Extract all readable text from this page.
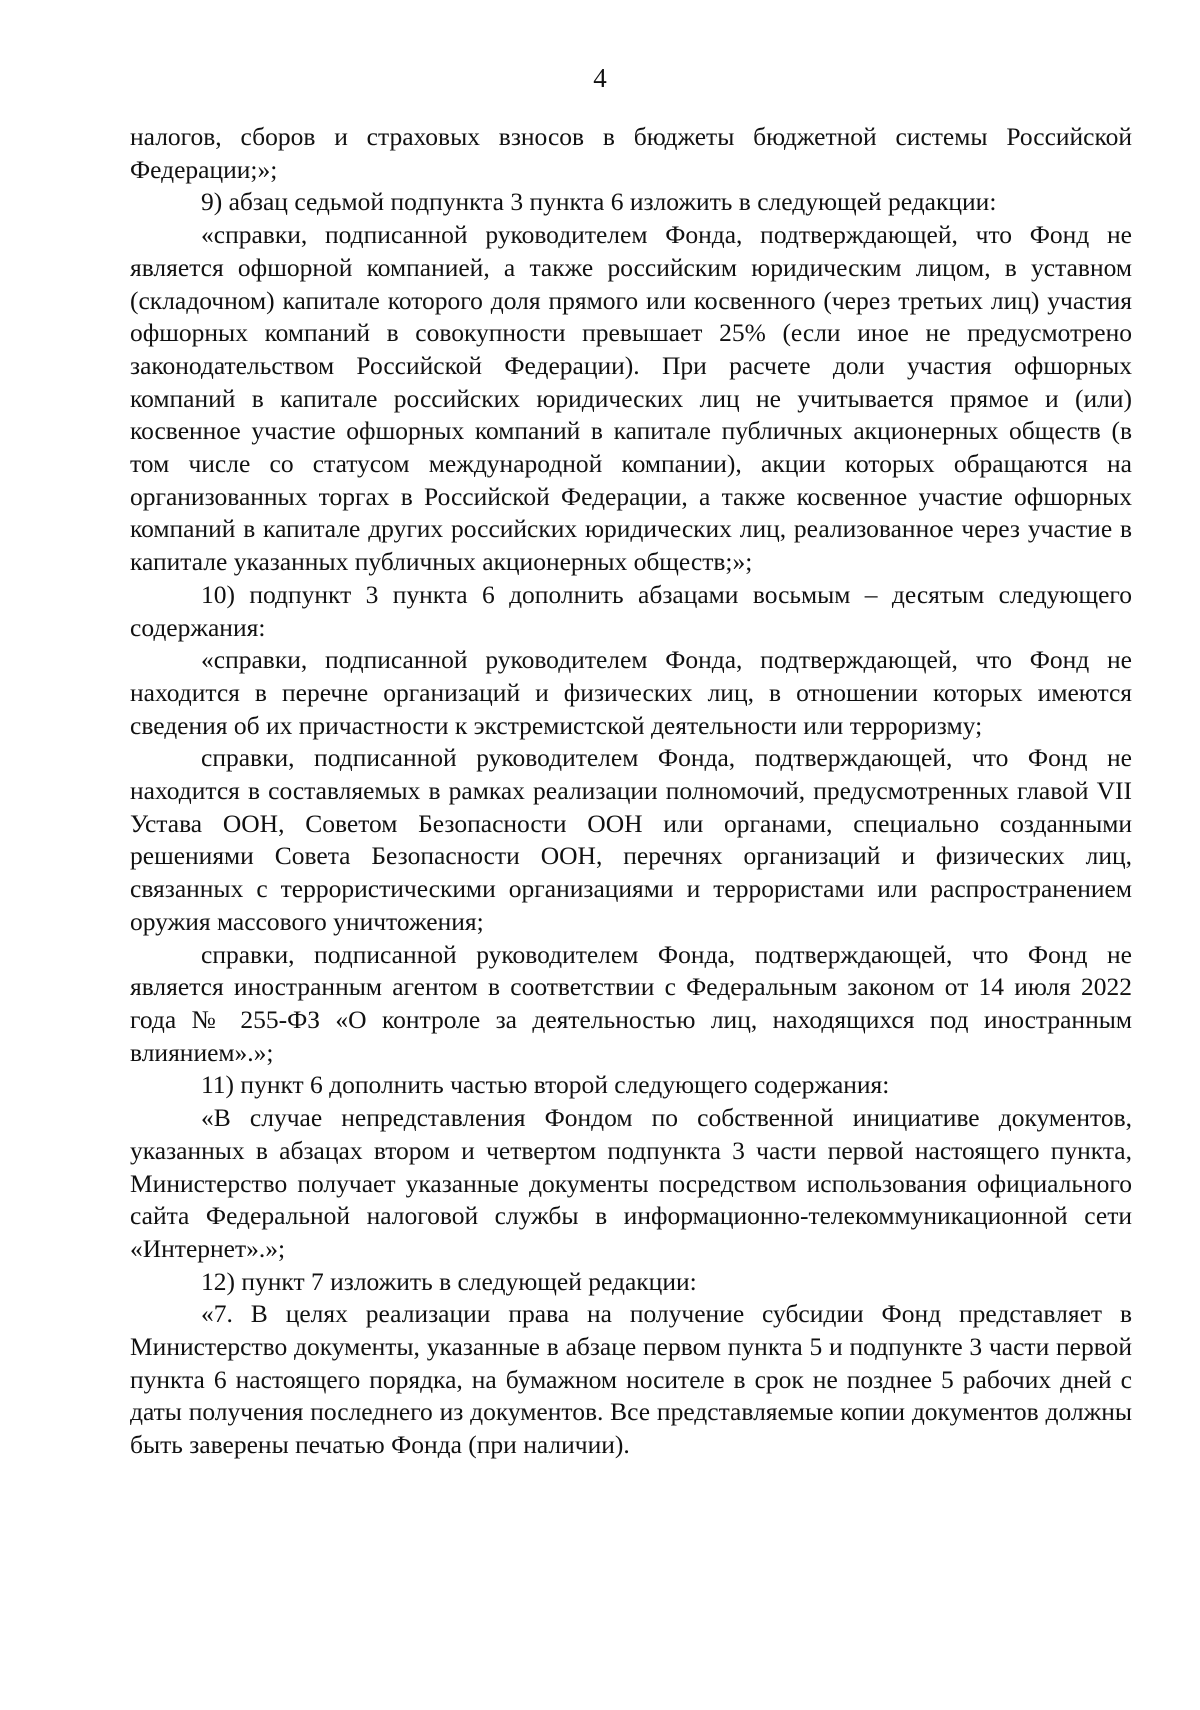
4

налогов, сборов и страховых взносов в бюджеты бюджетной системы Российской Федерации;»;

9) абзац седьмой подпункта 3 пункта 6 изложить в следующей редакции:

«справки, подписанной руководителем Фонда, подтверждающей, что Фонд не является офшорной компанией, а также российским юридическим лицом, в уставном (складочном) капитале которого доля прямого или косвенного (через третьих лиц) участия офшорных компаний в совокупности превышает 25% (если иное не предусмотрено законодательством Российской Федерации). При расчете доли участия офшорных компаний в капитале российских юридических лиц не учитывается прямое и (или) косвенное участие офшорных компаний в капитале публичных акционерных обществ (в том числе со статусом международной компании), акции которых обращаются на организованных торгах в Российской Федерации, а также косвенное участие офшорных компаний в капитале других российских юридических лиц, реализованное через участие в капитале указанных публичных акционерных обществ;»;

10) подпункт 3 пункта 6 дополнить абзацами восьмым – десятым следующего содержания:

«справки, подписанной руководителем Фонда, подтверждающей, что Фонд не находится в перечне организаций и физических лиц, в отношении которых имеются сведения об их причастности к экстремистской деятельности или терроризму;

справки, подписанной руководителем Фонда, подтверждающей, что Фонд не находится в составляемых в рамках реализации полномочий, предусмотренных главой VII Устава ООН, Советом Безопасности ООН или органами, специально созданными решениями Совета Безопасности ООН, перечнях организаций и физических лиц, связанных с террористическими организациями и террористами или распространением оружия массового уничтожения;

справки, подписанной руководителем Фонда, подтверждающей, что Фонд не является иностранным агентом в соответствии с Федеральным законом от 14 июля 2022 года № 255-ФЗ «О контроле за деятельностью лиц, находящихся под иностранным влиянием».»;

11) пункт 6 дополнить частью второй следующего содержания:

«В случае непредставления Фондом по собственной инициативе документов, указанных в абзацах втором и четвертом подпункта 3 части первой настоящего пункта, Министерство получает указанные документы посредством использования официального сайта Федеральной налоговой службы в информационно-телекоммуникационной сети «Интернет».»;

12) пункт 7 изложить в следующей редакции:

«7. В целях реализации права на получение субсидии Фонд представляет в Министерство документы, указанные в абзаце первом пункта 5 и подпункте 3 части первой пункта 6 настоящего порядка, на бумажном носителе в срок не позднее 5 рабочих дней с даты получения последнего из документов. Все представляемые копии документов должны быть заверены печатью Фонда (при наличии).
